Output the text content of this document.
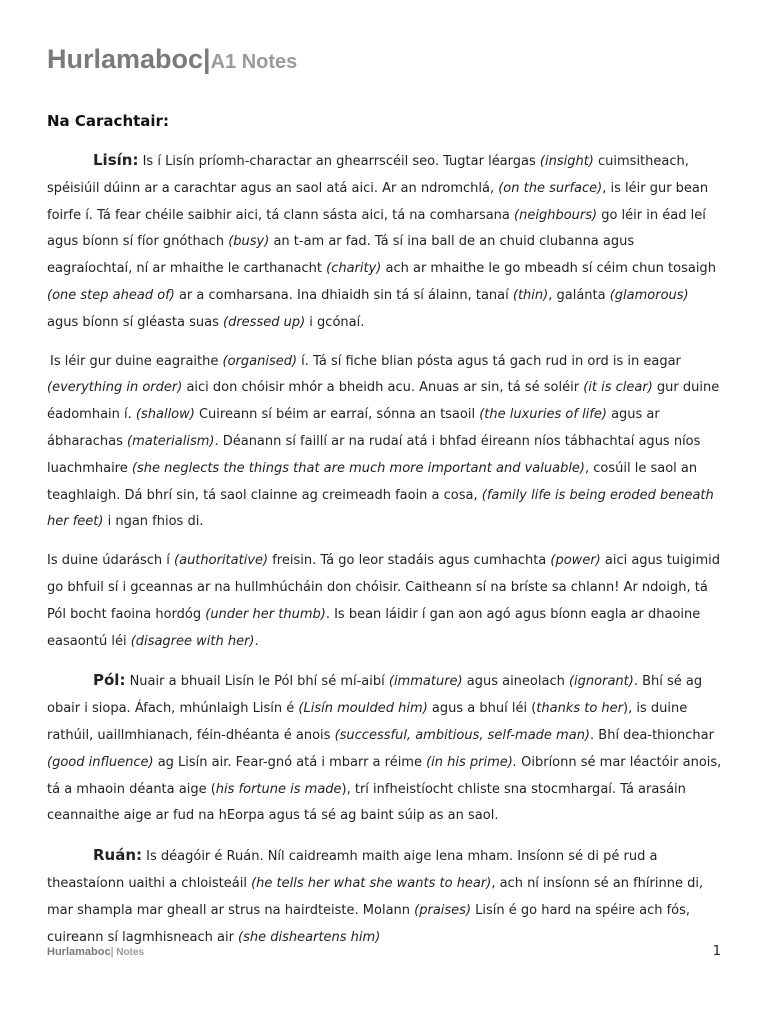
Hurlamaboc|A1 Notes
Na Carachtair:

Lisín: Is í Lisín príomh-charactar an ghearrscéil seo. Tugtar léargas (insight) cuimsitheach, spéisiúil dúinn ar a carachtar agus an saol atá aici. Ar an ndromchlá, (on the surface), is léir gur bean foirfe í. Tá fear chéile saibhir aici, tá clann sásta aici, tá na comharsana (neighbours) go léir in éad leí agus bíonn sí fíor gnóthach (busy) an t-am ar fad. Tá sí ina ball de an chuid clubanna agus eagraíochtaí, ní ar mhaithe le carthanacht (charity) ach ar mhaithe le go mbeadh sí céim chun tosaigh (one step ahead of) ar a comharsana. Ina dhiaidh sin tá sí álainn, tanaí (thin), galánta (glamorous) agus bíonn sí gléasta suas (dressed up) i gcónaí.

Is léir gur duine eagraithe (organised) í. Tá sí fiche blian pósta agus tá gach rud in ord is in eagar (everything in order) aici don chóisir mhór a bheidh acu. Anuas ar sin, tá sé soléir (it is clear) gur duine éadomhain í. (shallow) Cuireann sí béim ar earraí, sónna an tsaoil (the luxuries of life) agus ar ábharachas (materialism). Déanann sí faillí ar na rudaí atá i bhfad éireann níos tábhachtaí agus níos luachmhaire (she neglects the things that are much more important and valuable), cosúil le saol an teaghlaigh. Dá bhrí sin, tá saol clainne ag creimeadh faoin a cosa, (family life is being eroded beneath her feet) i ngan fhios di.

Is duine údarásch í (authoritative) freisin. Tá go leor stadáis agus cumhachta (power) aici agus tuigimid go bhfuil sí i gceannas ar na hullmhúcháin don chóisir. Caitheann sí na bríste sa chlann! Ar ndoigh, tá Pól bocht faoina hordóg (under her thumb). Is bean láidir í gan aon agó agus bíonn eagla ar dhaoine easaontú léi (disagree with her).

Pól: Nuair a bhuail Lisín le Pól bhí sé mí-aibí (immature) agus aineolach (ignorant). Bhí sé ag obair i siopa. Áfach, mhúnlaigh Lisín é (Lisín moulded him) agus a bhuí léi (thanks to her), is duine rathúil, uaillmhianach, féin-dhéanta é anois (successful, ambitious, self-made man). Bhí dea-thionchar (good influence) ag Lisín air. Fear-gnó atá i mbarr a réime (in his prime). Oibríonn sé mar léactóir anois, tá a mhaoin déanta aige (his fortune is made), trí infheistíocht chliste sna stocmhargaí. Tá arasáin ceannaithe aige ar fud na hEorpa agus tá sé ag baint súip as an saol.

Ruán: Is déagóir é Ruán. Níl caidreamh maith aige lena mham. Insíonn sé di pé rud a theastaíonn uaithi a chloisteáil (he tells her what she wants to hear), ach ní insíonn sé an fhírinne di, mar shampla mar gheall ar strus na hairdteiste. Molann (praises) Lisín é go hard na spéire ach fós, cuireann sí lagmhisneach air (she disheartens him)

Hurlamaboc| Notes	1
